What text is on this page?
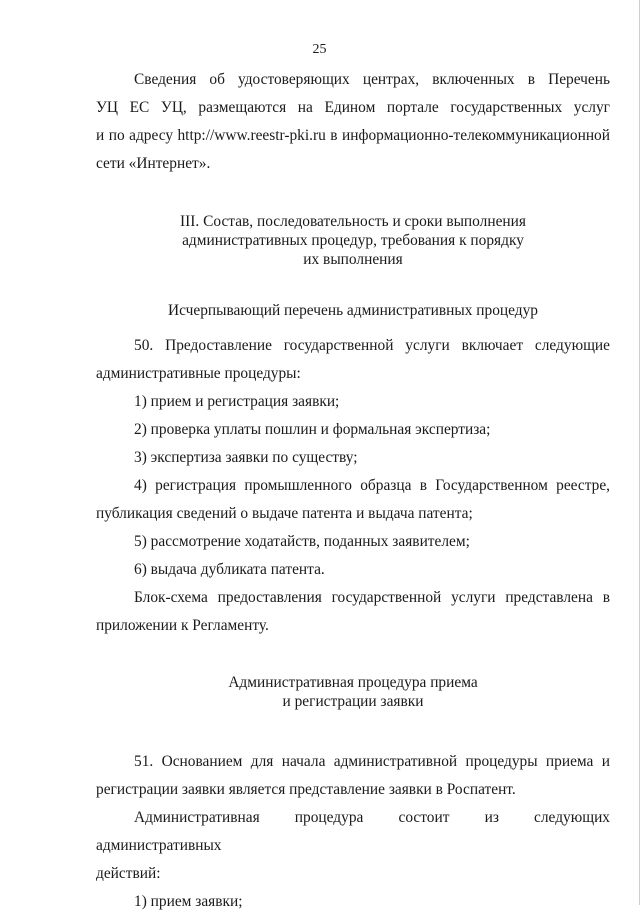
25

Сведения об удостоверяющих центрах, включенных в Перечень

УЦ ЕС УЦ, размещаются на Едином портале государственных услуг

и по адресу http://www.reestr-pki.ru в информационно-телекоммуникационной

сети «Интернет».

III. Состав, последовательность и сроки выполнения

административных процедур, требования к порядку

их выполнения

Исчерпывающий перечень административных процедур

50. Предоставление государственной услуги включает следующие

административные процедуры:

1) прием и регистрация заявки;

2) проверка уплаты пошлин и формальная экспертиза;

3) экспертиза заявки по существу;

4) регистрация промышленного образца в Государственном реестре,

публикация сведений о выдаче патента и выдача патента;

5) рассмотрение ходатайств, поданных заявителем;

6) выдача дубликата патента.

Блок-схема предоставления государственной услуги представлена в

приложении к Регламенту.

Административная процедура приема

и регистрации заявки

51. Основанием для начала административной процедуры приема и

регистрации заявки является представление заявки в Роспатент.

Административная процедура состоит из следующих административных

действий:

1) прием заявки;
